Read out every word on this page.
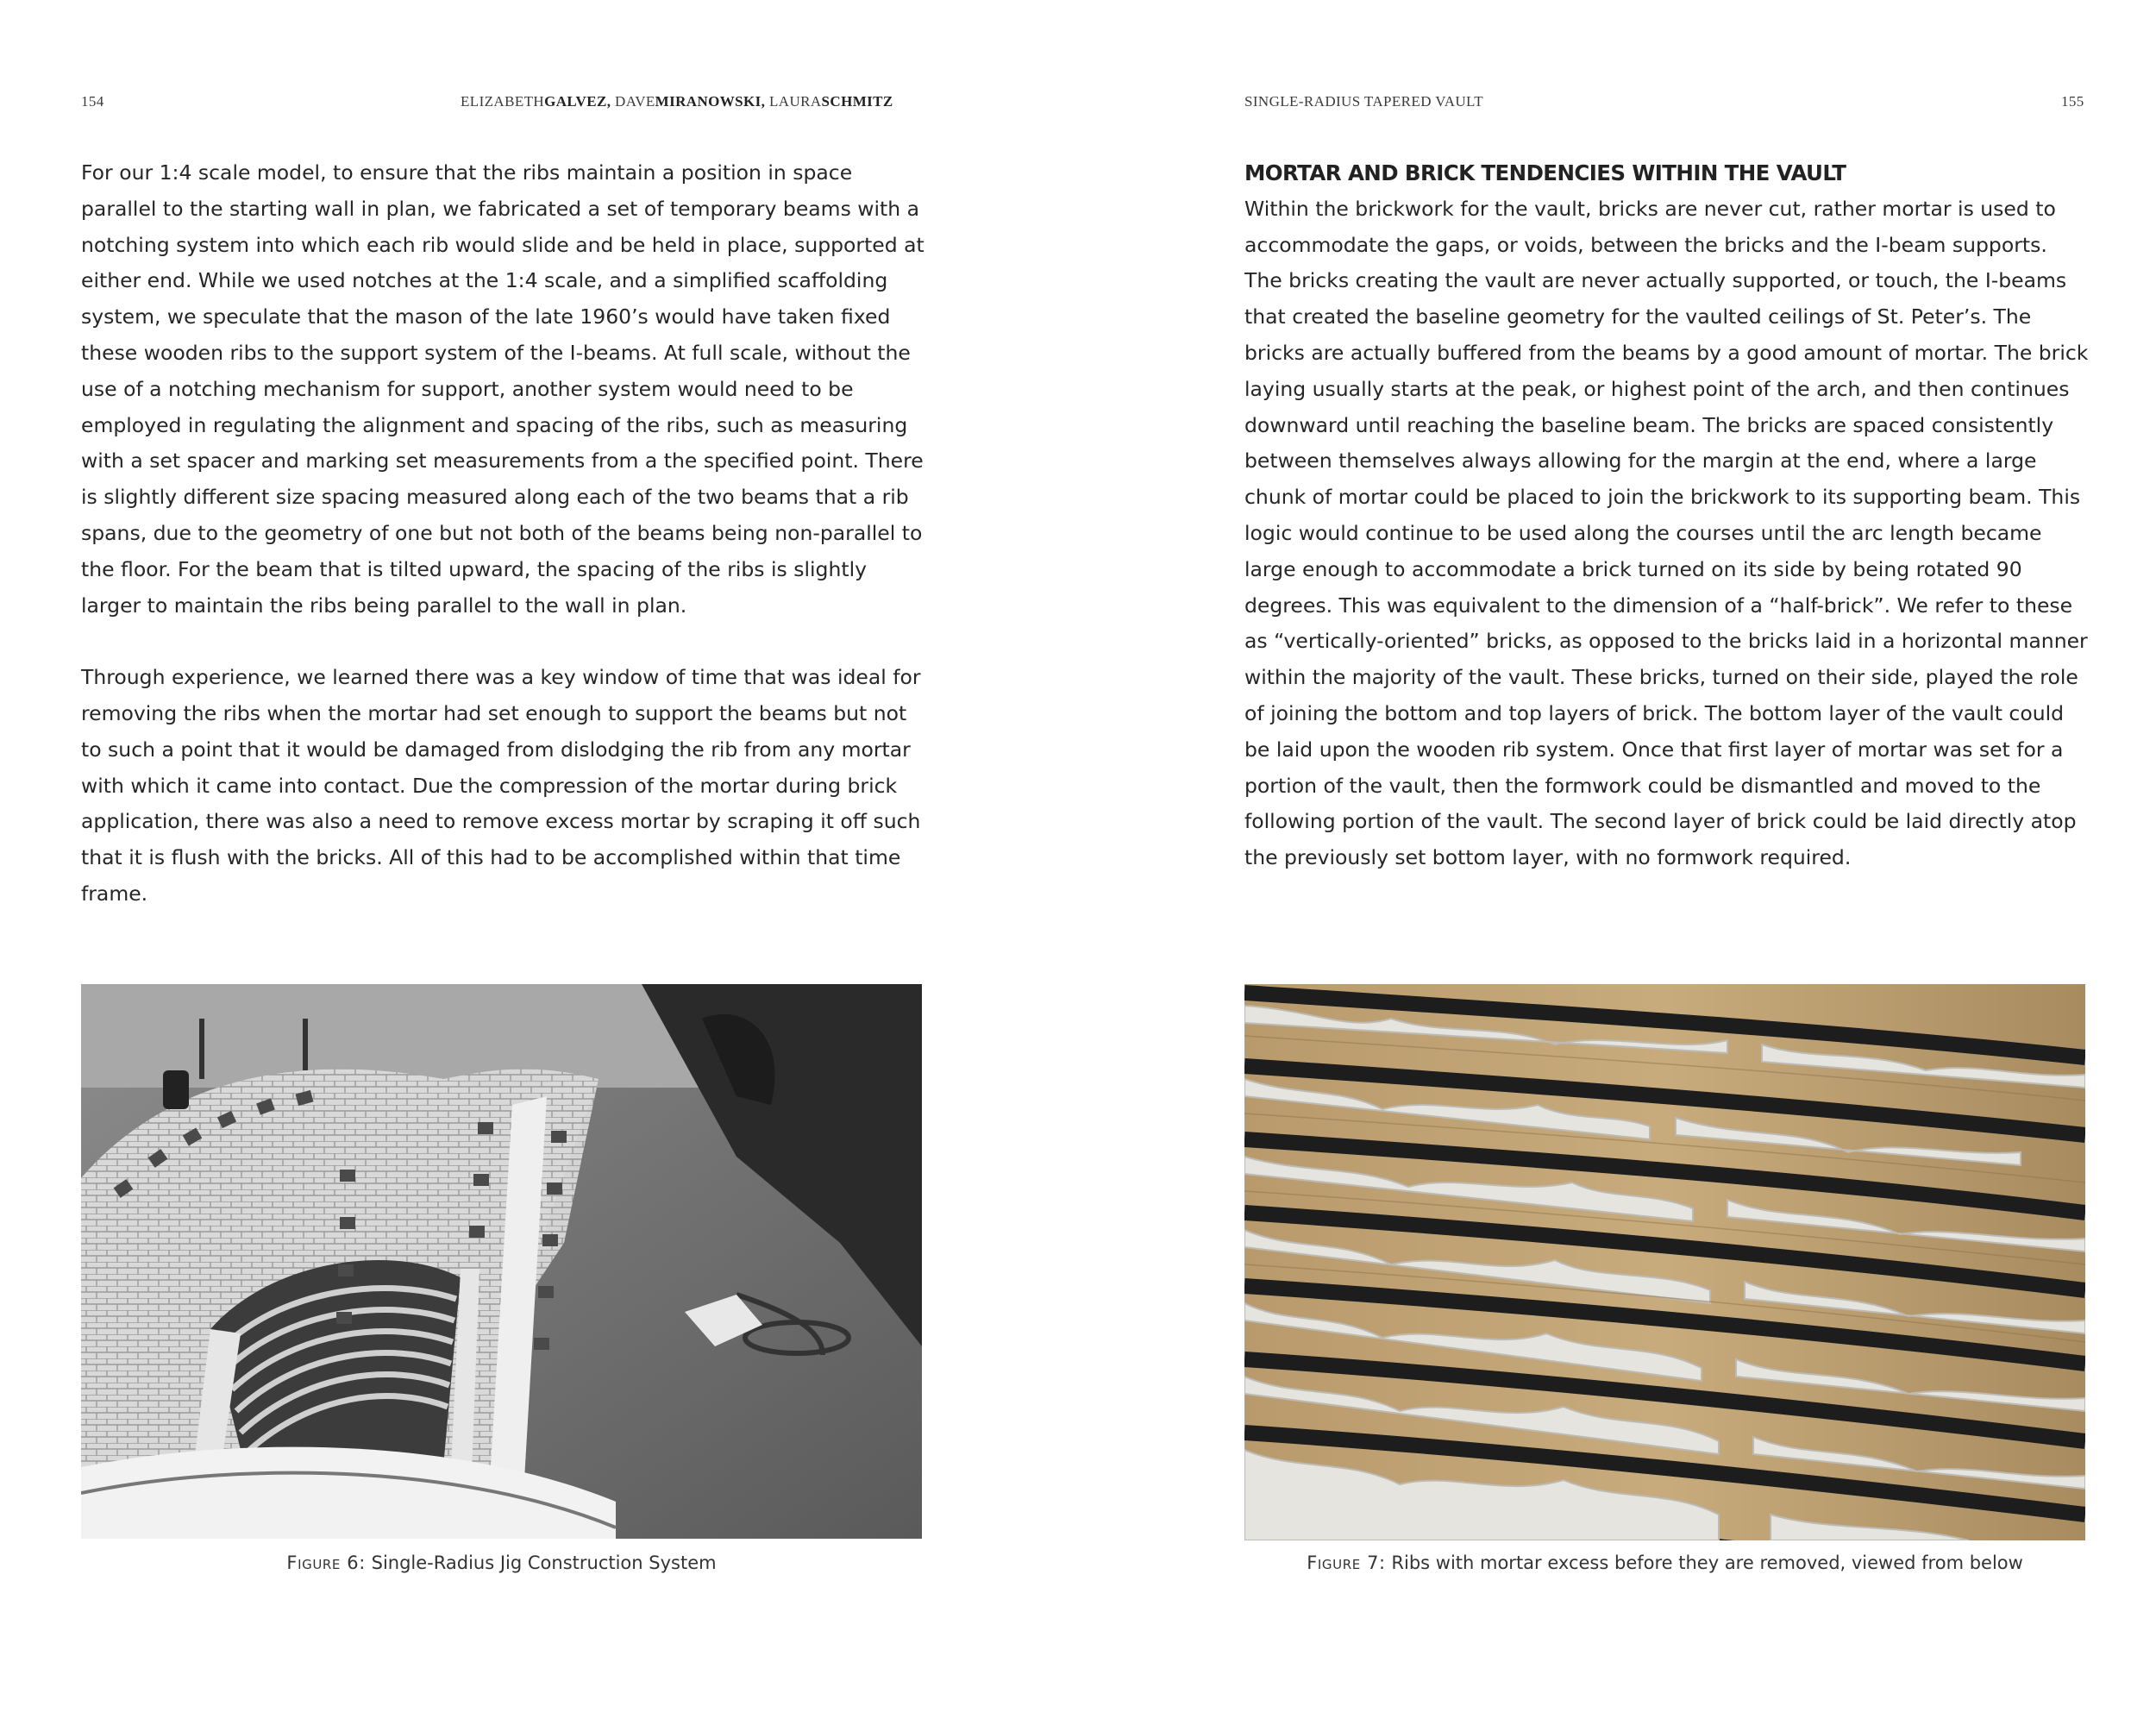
154	ELIZABETHGALVEZ, DAVEMIRANOWSKI, LAURASCHMITZ

For our 1:4 scale model, to ensure that the ribs maintain a position in space parallel to the starting wall in plan, we fabricated a set of temporary beams with a notching system into which each rib would slide and be held in place, supported at either end. While we used notches at the 1:4 scale, and a simplified scaffolding system, we speculate that the mason of the late 1960’s would have taken fixed these wooden ribs to the support system of the I-beams. At full scale, without the use of a notching mechanism for support, another system would need to be employed in regulating the alignment and spacing of the ribs, such as measuring with a set spacer and marking set measurements from a the specified point. There is slightly different size spacing measured along each of the two beams that a rib spans, due to the geometry of one but not both of the beams being non-parallel to the floor. For the beam that is tilted upward, the spacing of the ribs is slightly larger to maintain the ribs being parallel to the wall in plan.

Through experience, we learned there was a key window of time that was ideal for removing the ribs when the mortar had set enough to support the beams but not to such a point that it would be damaged from dislodging the rib from any mortar with which it came into contact. Due the compression of the mortar during brick application, there was also a need to remove excess mortar by scraping it off such that it is flush with the bricks. All of this had to be accomplished within that time frame.

Figure 6: Single-Radius Jig Construction System
SINGLE-RADIUS TAPERED VAULT	155
MORTAR AND BRICK TENDENCIES WITHIN THE VAULT

Within the brickwork for the vault, bricks are never cut, rather mortar is used to accommodate the gaps, or voids, between the bricks and the I-beam supports. The bricks creating the vault are never actually supported, or touch, the I-beams that created the baseline geometry for the vaulted ceilings of St. Peter’s. The bricks are actually buffered from the beams by a good amount of mortar. The brick laying usually starts at the peak, or highest point of the arch, and then continues downward until reaching the baseline beam. The bricks are spaced consistently between themselves always allowing for the margin at the end, where a large chunk of mortar could be placed to join the brickwork to its supporting beam. This logic would continue to be used along the courses until the arc length became large enough to accommodate a brick turned on its side by being rotated 90 degrees. This was equivalent to the dimension of a “half-brick”. We refer to these as “vertically-oriented” bricks, as opposed to the bricks laid in a horizontal manner within the majority of the vault. These bricks, turned on their side, played the role of joining the bottom and top layers of brick. The bottom layer of the vault could be laid upon the wooden rib system. Once that first layer of mortar was set for a portion of the vault, then the formwork could be dismantled and moved to the following portion of the vault. The second layer of brick could be laid directly atop the previously set bottom layer, with no formwork required.

Figure 7: Ribs with mortar excess before they are removed, viewed from below
